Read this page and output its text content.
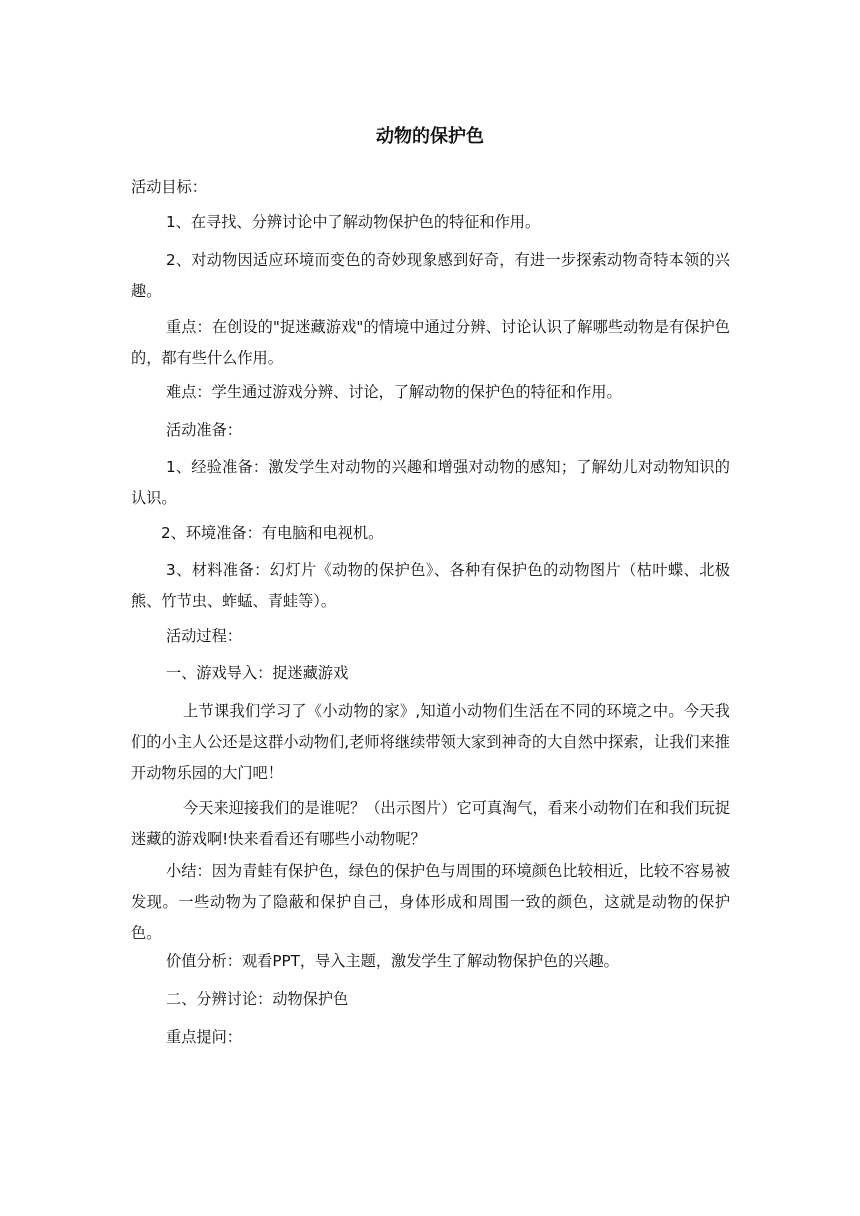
动物的保护色

活动目标：

1、在寻找、分辨讨论中了解动物保护色的特征和作用。

2、对动物因适应环境而变色的奇妙现象感到好奇，有进一步探索动物奇特本领的兴趣。

重点：在创设的"捉迷藏游戏"的情境中通过分辨、讨论认识了解哪些动物是有保护色的，都有些什么作用。

难点：学生通过游戏分辨、讨论，了解动物的保护色的特征和作用。

活动准备：

1、经验准备：激发学生对动物的兴趣和增强对动物的感知；了解幼儿对动物知识的认识。

2、环境准备：有电脑和电视机。

3、材料准备：幻灯片《动物的保护色》、各种有保护色的动物图片（枯叶蝶、北极熊、竹节虫、蚱蜢、青蛙等）。

活动过程：

一、游戏导入：捉迷藏游戏

上节课我们学习了《小动物的家》,知道小动物们生活在不同的环境之中。今天我们的小主人公还是这群小动物们,老师将继续带领大家到神奇的大自然中探索，让我们来推开动物乐园的大门吧！

今天来迎接我们的是谁呢？（出示图片）它可真淘气，看来小动物们在和我们玩捉迷藏的游戏啊!快来看看还有哪些小动物呢？

小结：因为青蛙有保护色，绿色的保护色与周围的环境颜色比较相近，比较不容易被发现。一些动物为了隐蔽和保护自己，身体形成和周围一致的颜色，这就是动物的保护色。

价值分析：观看PPT，导入主题，激发学生了解动物保护色的兴趣。

二、分辨讨论：动物保护色

重点提问：
